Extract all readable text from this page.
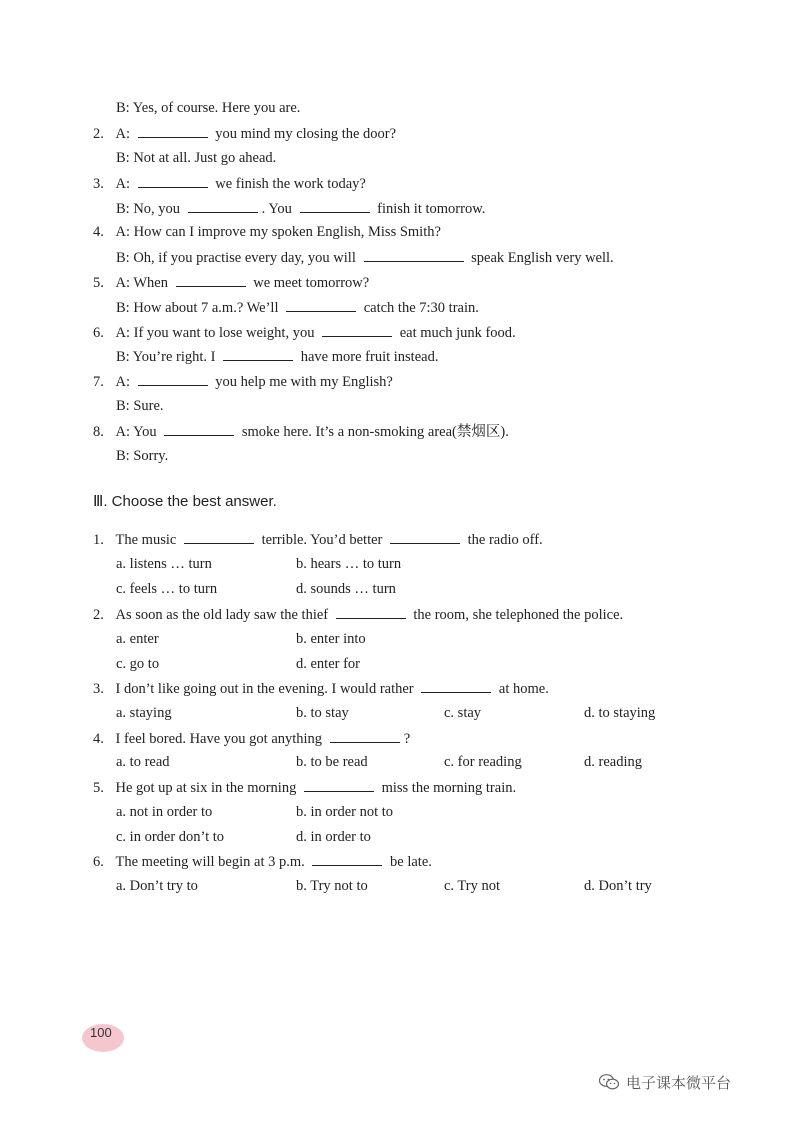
B: Yes, of course. Here you are.
2. A:	you mind my closing the door?
B: Not at all. Just go ahead.
3. A:	we finish the work today?
B: No, you	. You	finish it tomorrow.
4. A: How can I improve my spoken English, Miss Smith?
B: Oh, if you practise every day, you will	speak English very well.
5. A: When	we meet tomorrow?
B: How about 7 a.m.? We’ll	catch the 7:30 train.
6. A: If you want to lose weight, you	eat much junk food.
B: You’re right. I	have more fruit instead.
7. A:	you help me with my English?
B: Sure.
8. A: You	smoke here. It’s a non-smoking area(禁烟区).
B: Sorry.
Ⅲ. Choose the best answer.
1. The music	terrible. You’d better	the radio off.
a. listens … turn	b. hears … to turn
c. feels … to turn	d. sounds … turn
2. As soon as the old lady saw the thief	the room, she telephoned the police.
a. enter	b. enter into
c. go to	d. enter for
3. I don’t like going out in the evening. I would rather	at home.
a. staying	b. to stay	c. stay	d. to staying
4. I feel bored. Have you got anything	?
a. to read	b. to be read	c. for reading	d. reading
5. He got up at six in the morning	miss the morning train.
a. not in order to	b. in order not to
c. in order don’t to	d. in order to
6. The meeting will begin at 3 p.m.	be late.
a. Don’t try to	b. Try not to	c. Try not	d. Don’t try
100
电子课本微平台
